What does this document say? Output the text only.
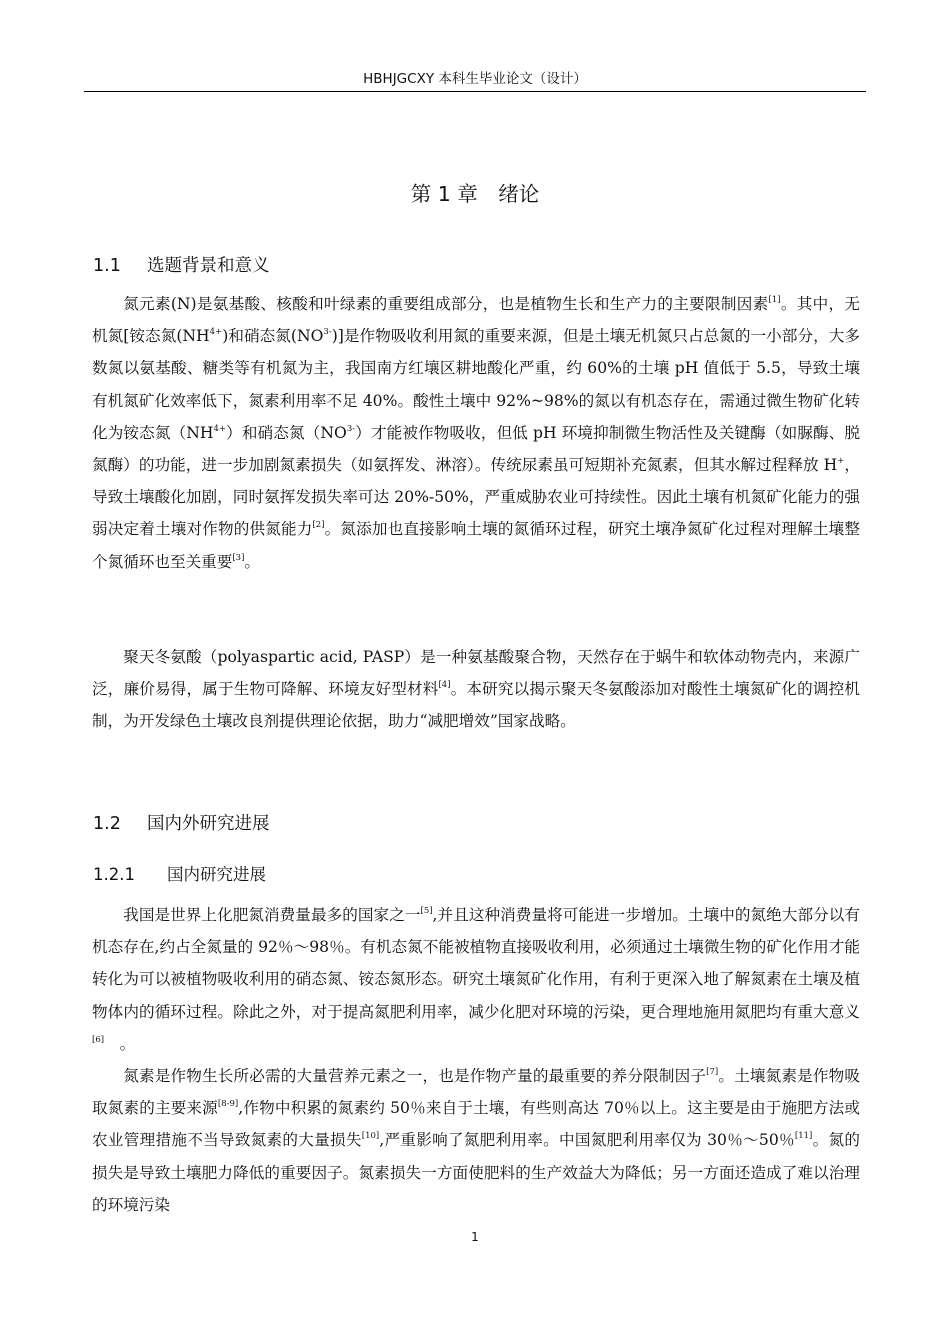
HBHJGCXY 本科生毕业论文（设计）
第 1 章　绪论
1.1 选题背景和意义

氮元素(N)是氨基酸、核酸和叶绿素的重要组成部分，也是植物生长和生产力的主要限制因素[1]。其中，无机氮[铵态氮$(NH_4^+)$和硝态氮$(NO_3^-)$]是作物吸收利用氮的重要来源，但是土壤无机氮只占总氮的一小部分，大多数氮以氨基酸、糖类等有机氮为主，我国南方红壤区耕地酸化严重，约 60%的土壤 pH 值低于 5.5，导致土壤有机氮矿化效率低下，氮素利用率不足 40%。酸性土壤中 92%~98%的氮以有机态存在，需通过微生物矿化转化为铵态氮$(NH_4^+)$和硝态氮$(NO_3^-)$才能被作物吸收，但低 pH 环境抑制微生物活性及关键酶（如脲酶、脱氮酶）的功能，进一步加剧氮素损失（如氨挥发、淋溶）。传统尿素虽可短期补充氮素，但其水解过程释放 H+，导致土壤酸化加剧，同时氨挥发损失率可达 20%-50%，严重威胁农业可持续性。因此土壤有机氮矿化能力的强弱决定着土壤对作物的供氮能力[2]。氮添加也直接影响土壤的氮循环过程，研究土壤净氮矿化过程对理解土壤整个氮循环也至关重要[3]。

聚天冬氨酸（polyaspartic acid, PASP）是一种氨基酸聚合物，天然存在于蜗牛和软体动物壳内，来源广泛，廉价易得，属于生物可降解、环境友好型材料[4]。本研究以揭示聚天冬氨酸添加对酸性土壤氮矿化的调控机制，为开发绿色土壤改良剂提供理论依据，助力“减肥增效”国家战略。

1.2 国内外研究进展
1.2.1 国内研究进展

我国是世界上化肥氮消费量最多的国家之一[5],并且这种消费量将可能进一步增加。土壤中的氮绝大部分以有机态存在,约占全氮量的 92％～98％。有机态氮不能被植物直接吸收利用，必须通过土壤微生物的矿化作用才能转化为可以被植物吸收利用的硝态氮、铵态氮形态。研究土壤氮矿化作用，有利于更深入地了解氮素在土壤及植物体内的循环过程。除此之外，对于提高氮肥利用率，减少化肥对环境的污染，更合理地施用氮肥均有重大意义[6]　。

氮素是作物生长所必需的大量营养元素之一，也是作物产量的最重要的养分限制因子[7]。土壤氮素是作物吸取氮素的主要来源[8-9],作物中积累的氮素约 50％来自于土壤，有些则高达 70％以上。这主要是由于施肥方法或农业管理措施不当导致氮素的大量损失[10],严重影响了氮肥利用率。中国氮肥利用率仅为 30％～50％[11]。氮的损失是导致土壤肥力降低的重要因子。氮素损失一方面使肥料的生产效益大为降低；另一方面还造成了难以治理的环境污染

1
